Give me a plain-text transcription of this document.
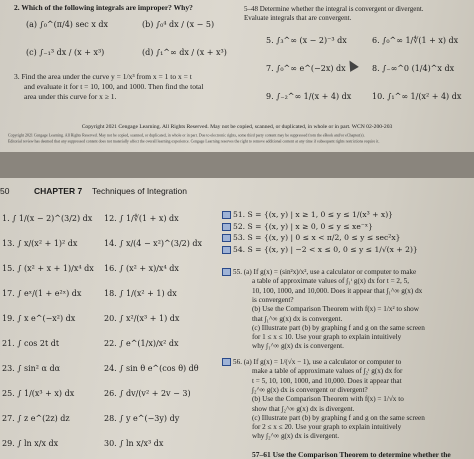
2. Which of the following integrals are improper? Why?
(a) ∫₀^(π/4) sec x dx	(b) ∫₀⁴ dx / (x − 5)
(c) ∫₋₁³ dx / (x + x³)	(d) ∫₁^∞ dx / (x + x³)
3. Find the area under the curve y = 1/x³ from x = 1 to x = t
and evaluate it for t = 10, 100, and 1000. Then find the total
area under this curve for x ≥ 1.
5–48 Determine whether the integral is convergent or divergent.
Evaluate integrals that are convergent.
5. ∫₃^∞ (x − 2)⁻³ dx	6. ∫₀^∞ 1/∜(1 + x) dx
7. ∫₀^∞ e^(−2x) dx	8. ∫₋∞^0 (1/4)^x dx
9. ∫₋₂^∞ 1/(x + 4) dx	10. ∫₁^∞ 1/(x² + 4) dx
Copyright 2021 Cengage Learning. All Rights Reserved. May not be copied, scanned, or duplicated, in whole or in part. WCN 02-200-203
Copyright 2021 Cengage Learning. All Rights Reserved. May not be copied, scanned, or duplicated, in whole or in part. Due to electronic rights, some third party content may be suppressed from the eBook and/or eChapter(s).
Editorial review has deemed that any suppressed content does not materially affect the overall learning experience. Cengage Learning reserves the right to remove additional content at any time if subsequent rights restrictions require it.
50	CHAPTER 7 Techniques of Integration
1. ∫ 1/(x − 2)^(3/2) dx
13. ∫ x/(x² + 1)² dx
15. ∫ (x² + x + 1)/x⁴ dx
17. ∫ eˣ/(1 + e²ˣ) dx
19. ∫ x e^(−x²) dx
21. ∫ cos 2t dt
23. ∫ sin² α dα
25. ∫ 1/(x³ + x) dx
27. ∫ z e^(2z) dz
29. ∫ ln x/x dx
12. ∫ 1/∜(1 + x) dx
14. ∫ x/(4 − x²)^(3/2) dx
16. ∫ (x² + x)/x⁴ dx
18. ∫ 1/(x² + 1) dx
20. ∫ x²/(x³ + 1) dx
22. ∫ e^(1/x)/x² dx
24. ∫ sin θ e^(cos θ) dθ
26. ∫ dv/(v² + 2v − 3)
28. ∫ y e^(−3y) dy
30. ∫ ln x/x³ dx
51. S = {(x, y) | x ≥ 1, 0 ≤ y ≤ 1/(x³ + x)}
52. S = {(x, y) | x ≥ 0, 0 ≤ y ≤ xe⁻ˣ}
53. S = {(x, y) | 0 ≤ x < π/2, 0 ≤ y ≤ sec²x}
54. S = {(x, y) | −2 < x ≤ 0, 0 ≤ y ≤ 1/√(x + 2)}
55. (a) If g(x) = (sin²x)/x², use a calculator or computer to make
a table of approximate values of ∫₁ᵗ g(x) dx for t = 2, 5,
10, 100, 1000, and 10,000. Does it appear that ∫₁^∞ g(x) dx
is convergent?
(b) Use the Comparison Theorem with f(x) = 1/x² to show
that ∫₁^∞ g(x) dx is convergent.
(c) Illustrate part (b) by graphing f and g on the same screen
for 1 ≤ x ≤ 10. Use your graph to explain intuitively
why ∫₁^∞ g(x) dx is convergent.
56. (a) If g(x) = 1/(√x − 1), use a calculator or computer to
make a table of approximate values of ∫₂ᵗ g(x) dx for
t = 5, 10, 100, 1000, and 10,000. Does it appear that
∫₂^∞ g(x) dx is convergent or divergent?
(b) Use the Comparison Theorem with f(x) = 1/√x to
show that ∫₂^∞ g(x) dx is divergent.
(c) Illustrate part (b) by graphing f and g on the same screen
for 2 ≤ x ≤ 20. Use your graph to explain intuitively
why ∫₂^∞ g(x) dx is divergent.
57–61 Use the Comparison Theorem to determine whether the
